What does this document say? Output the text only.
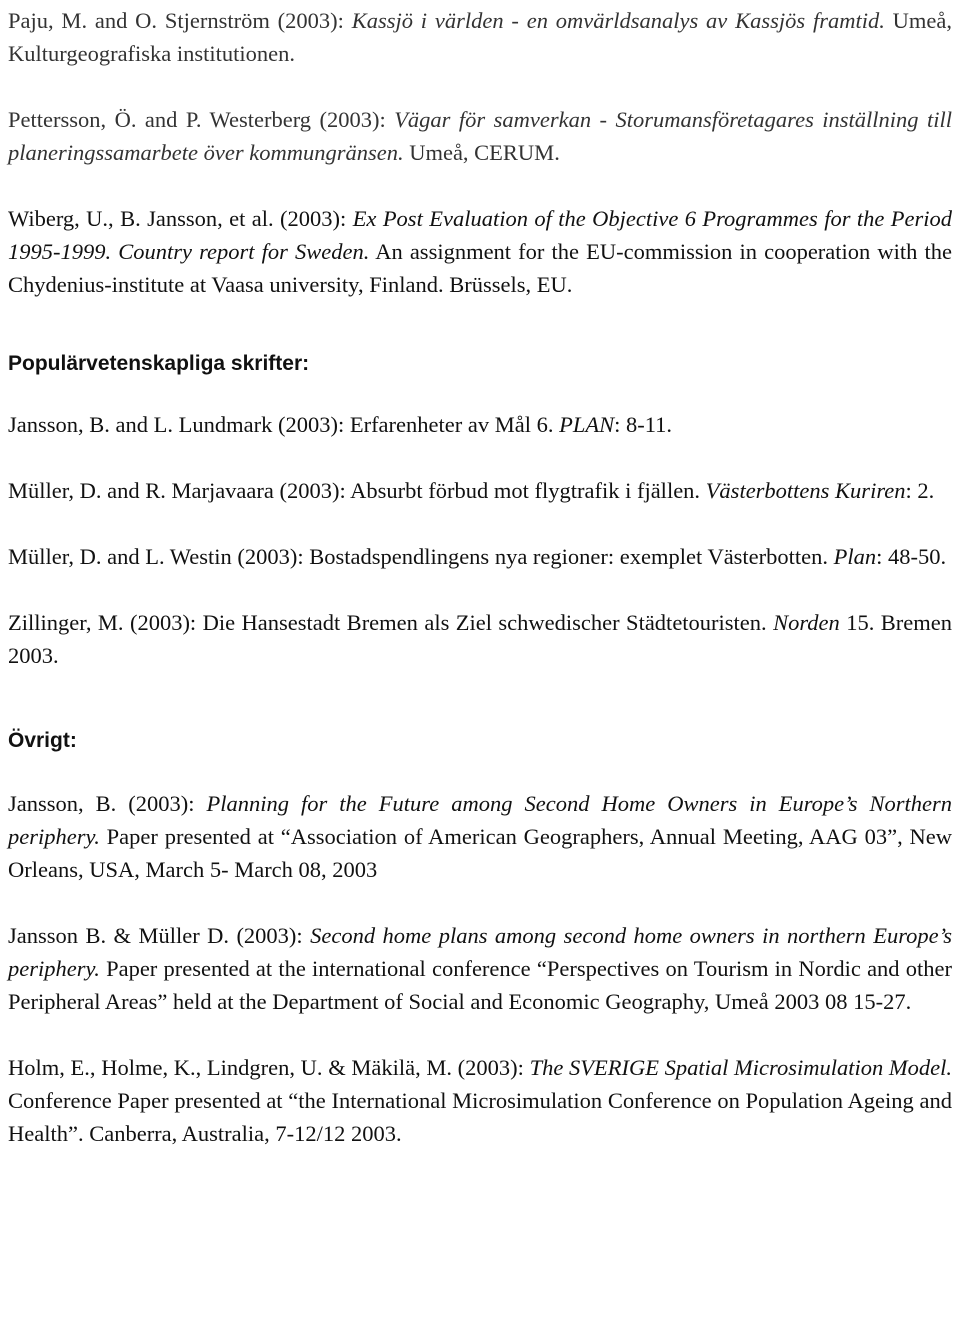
Paju, M. and O. Stjernström (2003): Kassjö i världen - en omvärldsanalys av Kassjös framtid. Umeå, Kulturgeografiska institutionen.

Pettersson, Ö. and P. Westerberg (2003): Vägar för samverkan - Storumansföretagares inställning till planeringssamarbete över kommungränsen. Umeå, CERUM.

Wiberg, U., B. Jansson, et al. (2003): Ex Post Evaluation of the Objective 6 Programmes for the Period 1995-1999. Country report for Sweden. An assignment for the EU-commission in cooperation with the Chydenius-institute at Vaasa university, Finland. Brüssels, EU.

Populärvetenskapliga skrifter:

Jansson, B. and L. Lundmark (2003): Erfarenheter av Mål 6. PLAN: 8-11.

Müller, D. and R. Marjavaara (2003): Absurbt förbud mot flygtrafik i fjällen. Västerbottens Kuriren: 2.

Müller, D. and L. Westin (2003): Bostadspendlingens nya regioner: exemplet Västerbotten. Plan: 48-50.

Zillinger, M. (2003): Die Hansestadt Bremen als Ziel schwedischer Städtetouristen. Norden 15. Bremen 2003.

Övrigt:

Jansson, B. (2003): Planning for the Future among Second Home Owners in Europe’s Northern periphery. Paper presented at “Association of American Geographers, Annual Meeting, AAG 03”, New Orleans, USA, March 5- March 08, 2003

Jansson B. & Müller D. (2003): Second home plans among second home owners in northern Europe’s periphery. Paper presented at the international conference “Perspectives on Tourism in Nordic and other Peripheral Areas” held at the Department of Social and Economic Geography, Umeå 2003 08 15-27.

Holm, E., Holme, K., Lindgren, U. & Mäkilä, M. (2003): The SVERIGE Spatial Microsimulation Model. Conference Paper presented at “the International Microsimulation Conference on Population Ageing and Health”. Canberra, Australia, 7-12/12 2003.
